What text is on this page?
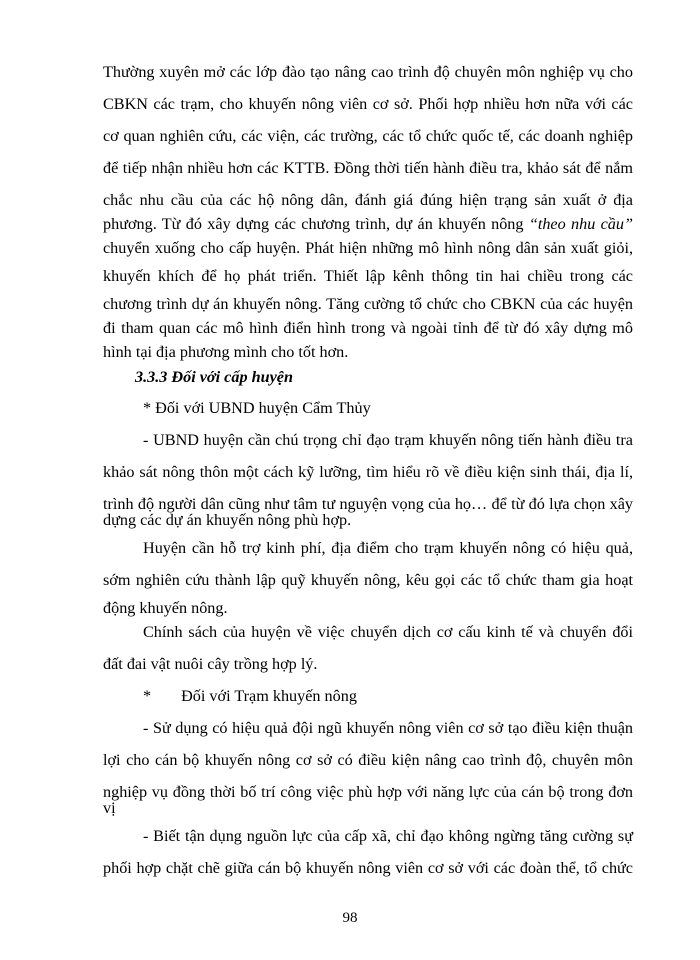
Thường xuyên mở các lớp đào tạo nâng cao trình độ chuyên môn nghiệp vụ cho

CBKN các trạm, cho khuyến nông viên cơ sở. Phối hợp nhiều hơn nữa với các

cơ quan nghiên cứu, các viện, các trường, các tổ chức quốc tế, các doanh nghiệp

để tiếp nhận nhiều hơn các KTTB. Đồng thời tiến hành điều tra, khảo sát để nắm

chắc nhu cầu của các hộ nông dân, đánh giá đúng hiện trạng sản xuất ở địa

phương. Từ đó xây dựng các chương trình, dự án khuyến nông “theo nhu cầu”

chuyển xuống cho cấp huyện. Phát hiện những mô hình nông dân sản xuất giỏi,

khuyến khích để họ phát triển. Thiết lập kênh thông tin hai chiều trong các

chương trình dự án khuyến nông. Tăng cường tổ chức cho CBKN của các huyện

đi tham quan các mô hình điển hình trong và ngoài tỉnh để từ đó xây dựng mô

hình tại địa phương mình cho tốt hơn.

3.3.3 Đối với cấp huyện

* Đối với UBND huyện Cẩm Thủy

- UBND huyện cần chú trọng chỉ đạo trạm khuyến nông tiến hành điều tra

khảo sát nông thôn một cách kỹ lưỡng, tìm hiểu rõ về điều kiện sinh thái, địa lí,

trình độ người dân cũng như tâm tư nguyện vọng của họ… để từ đó lựa chọn xây

dựng các dự án khuyến nông phù hợp.

Huyện cần hỗ trợ kinh phí, địa điểm cho trạm khuyến nông có hiệu quả,

sớm nghiên cứu thành lập quỹ khuyến nông, kêu gọi các tổ chức tham gia hoạt

động khuyến nông.

Chính sách của huyện về việc chuyển dịch cơ cấu kinh tế và chuyển đổi

đất đai vật nuôi cây trồng hợp lý.

* Đối với Trạm khuyến nông

- Sử dụng có hiệu quả đội ngũ khuyến nông viên cơ sở tạo điều kiện thuận

lợi cho cán bộ khuyến nông cơ sở có điều kiện nâng cao trình độ, chuyên môn

nghiệp vụ đồng thời bố trí công việc phù hợp với năng lực của cán bộ trong đơn

vị

- Biết tận dụng nguồn lực của cấp xã, chỉ đạo không ngừng tăng cường sự

98

phối hợp chặt chẽ giữa cán bộ khuyến nông viên cơ sở với các đoàn thể, tổ chức
